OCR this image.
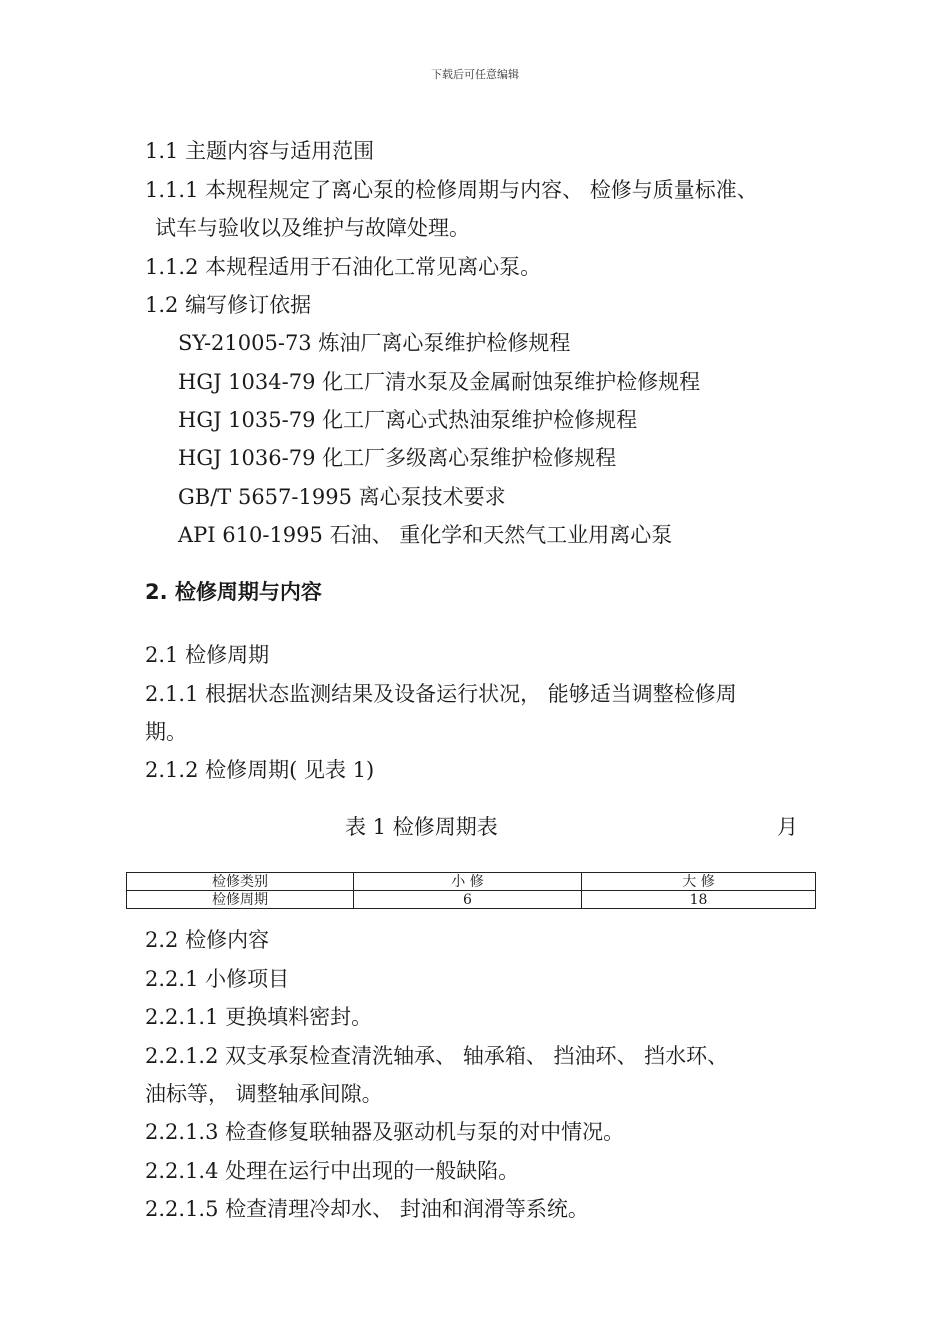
下载后可任意编辑
1.1 主题内容与适用范围
1.1.1 本规程规定了离心泵的检修周期与内容、 检修与质量标准、
试车与验收以及维护与故障处理。
1.1.2 本规程适用于石油化工常见离心泵。
1.2 编写修订依据
SY-21005-73 炼油厂离心泵维护检修规程
HGJ 1034-79 化工厂清水泵及金属耐蚀泵维护检修规程
HGJ 1035-79 化工厂离心式热油泵维护检修规程
HGJ 1036-79 化工厂多级离心泵维护检修规程
GB/T 5657-1995 离心泵技术要求
API 610-1995 石油、 重化学和天然气工业用离心泵
2. 检修周期与内容
2.1 检修周期
2.1.1 根据状态监测结果及设备运行状况， 能够适当调整检修周
期。
2.1.2 检修周期( 见表 1)
表 1 检修周期表	月
检修类别	小 修	大 修
检修周期	6	18
2.2 检修内容
2.2.1 小修项目
2.2.1.1 更换填料密封。
2.2.1.2 双支承泵检查清洗轴承、 轴承箱、 挡油环、 挡水环、
油标等， 调整轴承间隙。
2.2.1.3 检查修复联轴器及驱动机与泵的对中情况。
2.2.1.4 处理在运行中出现的一般缺陷。
2.2.1.5 检查清理冷却水、 封油和润滑等系统。
